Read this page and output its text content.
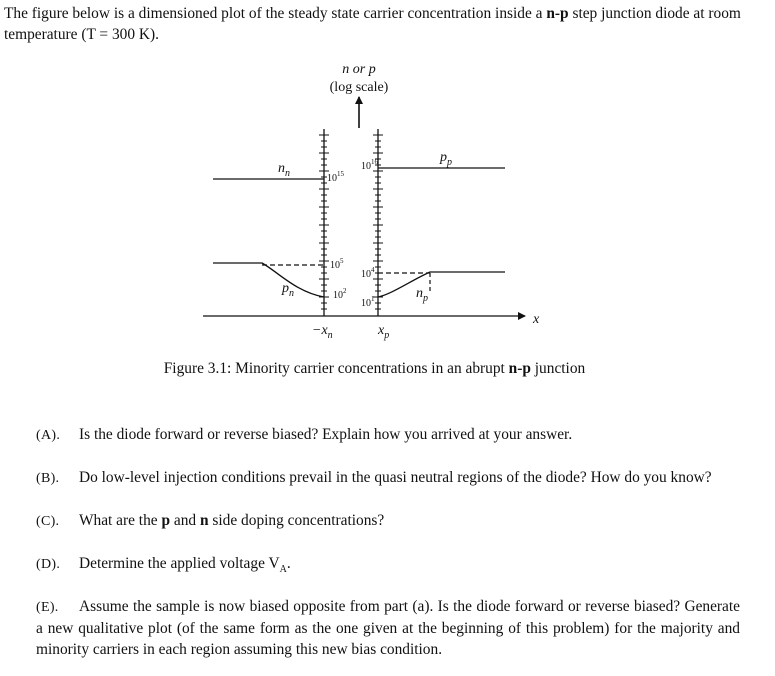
The figure below is a dimensioned plot of the steady state carrier concentration inside a n-p step junction diode at room temperature (T = 300 K).

n or p
(log scale)
x
$n_n$
$p_p$
$p_n$	$n_p$
$10^{15}$
$10^5$
$10^2$
$10^{16}$
$10^4$
$10^1$
$-x_n$	$x_p$

Figure 3.1: Minority carrier concentrations in an abrupt n-p junction

(A). Is the diode forward or reverse biased? Explain how you arrived at your answer.

(B). Do low-level injection conditions prevail in the quasi neutral regions of the diode? How do you know?

(C). What are the p and n side doping concentrations?

(D). Determine the applied voltage $V_A$.

(E). Assume the sample is now biased opposite from part (a). Is the diode forward or reverse biased? Generate a new qualitative plot (of the same form as the one given at the beginning of this problem) for the majority and minority carriers in each region assuming this new bias condition.
